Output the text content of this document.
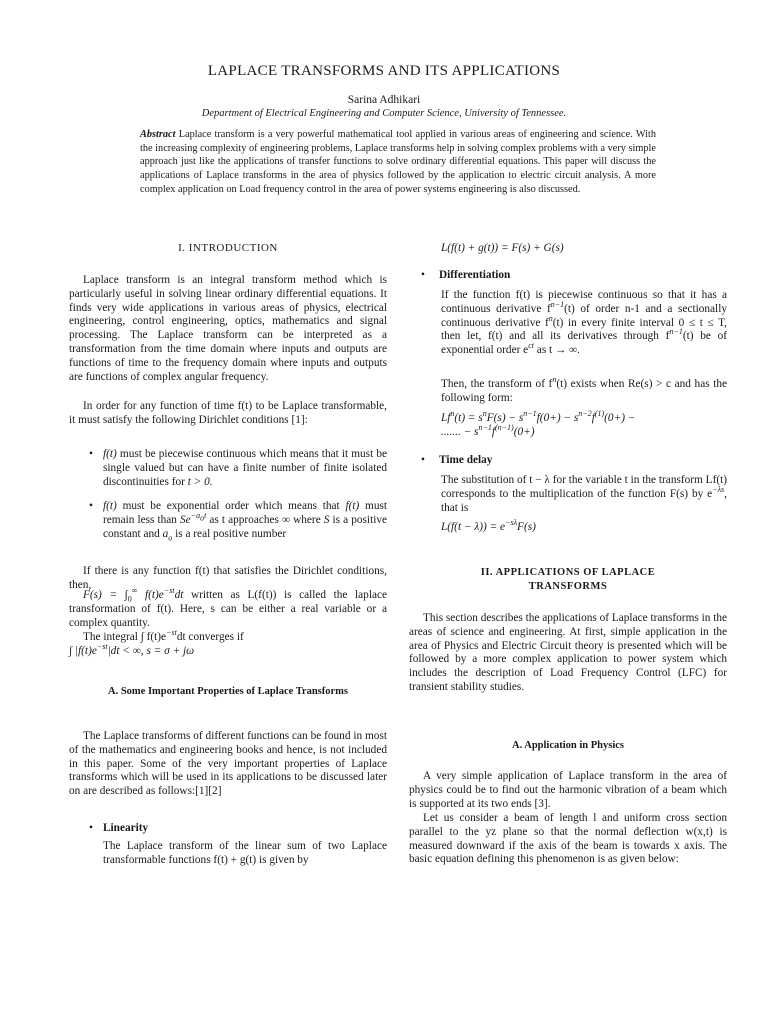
LAPLACE TRANSFORMS AND ITS APPLICATIONS
Sarina Adhikari
Department of Electrical Engineering and Computer Science, University of Tennessee.
Abstract Laplace transform is a very powerful mathematical tool applied in various areas of engineering and science. With the increasing complexity of engineering problems, Laplace transforms help in solving complex problems with a very simple approach just like the applications of transfer functions to solve ordinary differential equations. This paper will discuss the applications of Laplace transforms in the area of physics followed by the application to electric circuit analysis. A more complex application on Load frequency control in the area of power systems engineering is also discussed.
I. INTRODUCTION
Laplace transform is an integral transform method which is particularly useful in solving linear ordinary differential equations. It finds very wide applications in various areas of physics, electrical engineering, control engineering, optics, mathematics and signal processing. The Laplace transform can be interpreted as a transformation from the time domain where inputs and outputs are functions of time to the frequency domain where inputs and outputs are functions of complex angular frequency.
In order for any function of time f(t) to be Laplace transformable, it must satisfy the following Dirichlet conditions [1]:
• f(t) must be piecewise continuous which means that it must be single valued but can have a finite number of finite isolated discontinuities for t > 0.
• f(t) must be exponential order which means that f(t) must remain less than $Se^{-a_ot}$ as t approaches ∞ where S is a positive constant and $a_o$ is a real positive number
If there is any function f(t) that satisfies the Dirichlet conditions, then,
$F(s) = \int_0^\infty$ $f(t)e^{-st}dt$ written as L(f(t)) is called the laplace transformation of f(t). Here, s can be either a real variable or a complex quantity.
The integral ∫ $f(t)e^{-st}dt$ converges if
∫ $|f(t)e^{-st}|dt$ < ∞, s = σ + jω
A. Some Important Properties of Laplace Transforms
The Laplace transforms of different functions can be found in most of the mathematics and engineering books and hence, is not included in this paper. Some of the very important properties of Laplace transforms which will be used in its applications to be discussed later on are described as follows:[1][2]
• Linearity
The Laplace transform of the linear sum of two Laplace transformable functions f(t) + g(t) is given by
L(f(t) + g(t)) = F(s) + G(s)
• Differentiation
If the function f(t) is piecewise continuous so that it has a continuous derivative $f^{n-1}(t)$ of order n-1 and a sectionally continuous derivative $f^n(t)$ in every finite interval 0 ≤ t ≤ T, then let, f(t) and all its derivatives through $f^{n-1}(t)$ be of exponential order $e^{ct}$ as t → ∞.
Then, the transform of $f^n(t)$ exists when Re(s) > c and has the following form:
$Lf^n(t) = s^nF(s) - s^{n-1}f(0+) - s^{n-2}f^{(1)}(0+)$ −
....... − $s^{n-1}f^{(n-1)}(0+)$
• Time delay
The substitution of t − λ for the variable t in the transform Lf(t) corresponds to the multiplication of the function F(s) by $e^{-\lambda s}$, that is
$L(f(t - \lambda)) = e^{-s\lambda}F(s)$
II. APPLICATIONS OF LAPLACE TRANSFORMS
This section describes the applications of Laplace transforms in the areas of science and engineering. At first, simple application in the area of Physics and Electric Circuit theory is presented which will be followed by a more complex application to power system which includes the description of Load Frequency Control (LFC) for transient stability studies.
A. Application in Physics
A very simple application of Laplace transform in the area of physics could be to find out the harmonic vibration of a beam which is supported at its two ends [3].
Let us consider a beam of length l and uniform cross section parallel to the yz plane so that the normal deflection w(x,t) is measured downward if the axis of the beam is towards x axis. The basic equation defining this phenomenon is as given below:
